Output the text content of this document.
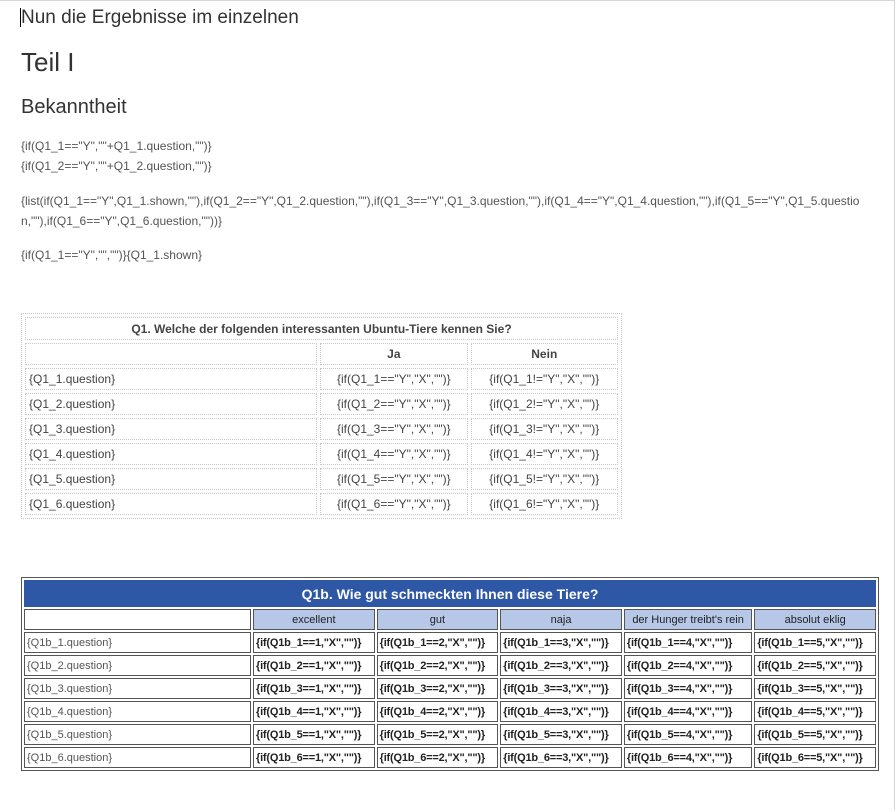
Nun die Ergebnisse im einzelnen
Teil I
Bekanntheit

{if(Q1_1=="Y",""+Q1_1.question,"")}

{if(Q1_2=="Y",""+Q1_2.question,"")}

{list(if(Q1_1=="Y",Q1_1.shown,""),if(Q1_2=="Y",Q1_2.question,""),if(Q1_3=="Y",Q1_3.question,""),if(Q1_4=="Y",Q1_4.question,""),if(Q1_5=="Y",Q1_5.question,""),if(Q1_6=="Y",Q1_6.question,""))}

{if(Q1_1=="Y","","")}{Q1_1.shown}

Q1. Welche der folgenden interessanten Ubuntu-Tiere kennen Sie?		
	Ja	Nein
{Q1_1.question}	{if(Q1_1=="Y","X","")}	{if(Q1_1!="Y","X","")}
{Q1_2.question}	{if(Q1_2=="Y","X","")}	{if(Q1_2!="Y","X","")}
{Q1_3.question}	{if(Q1_3=="Y","X","")}	{if(Q1_3!="Y","X","")}
{Q1_4.question}	{if(Q1_4=="Y","X","")}	{if(Q1_4!="Y","X","")}
{Q1_5.question}	{if(Q1_5=="Y","X","")}	{if(Q1_5!="Y","X","")}
{Q1_6.question}	{if(Q1_6=="Y","X","")}	{if(Q1_6!="Y","X","")}
Q1b. Wie gut schmeckten Ihnen diese Tiere?					
	excellent	gut	naja	der Hunger treibt's rein	absolut eklig
{Q1b_1.question}	{if(Q1b_1==1,"X","")}	{if(Q1b_1==2,"X","")}	{if(Q1b_1==3,"X","")}	{if(Q1b_1==4,"X","")}	{if(Q1b_1==5,"X","")}
{Q1b_2.question}	{if(Q1b_2==1,"X","")}	{if(Q1b_2==2,"X","")}	{if(Q1b_2==3,"X","")}	{if(Q1b_2==4,"X","")}	{if(Q1b_2==5,"X","")}
{Q1b_3.question}	{if(Q1b_3==1,"X","")}	{if(Q1b_3==2,"X","")}	{if(Q1b_3==3,"X","")}	{if(Q1b_3==4,"X","")}	{if(Q1b_3==5,"X","")}
{Q1b_4.question}	{if(Q1b_4==1,"X","")}	{if(Q1b_4==2,"X","")}	{if(Q1b_4==3,"X","")}	{if(Q1b_4==4,"X","")}	{if(Q1b_4==5,"X","")}
{Q1b_5.question}	{if(Q1b_5==1,"X","")}	{if(Q1b_5==2,"X","")}	{if(Q1b_5==3,"X","")}	{if(Q1b_5==4,"X","")}	{if(Q1b_5==5,"X","")}
{Q1b_6.question}	{if(Q1b_6==1,"X","")}	{if(Q1b_6==2,"X","")}	{if(Q1b_6==3,"X","")}	{if(Q1b_6==4,"X","")}	{if(Q1b_6==5,"X","")}
